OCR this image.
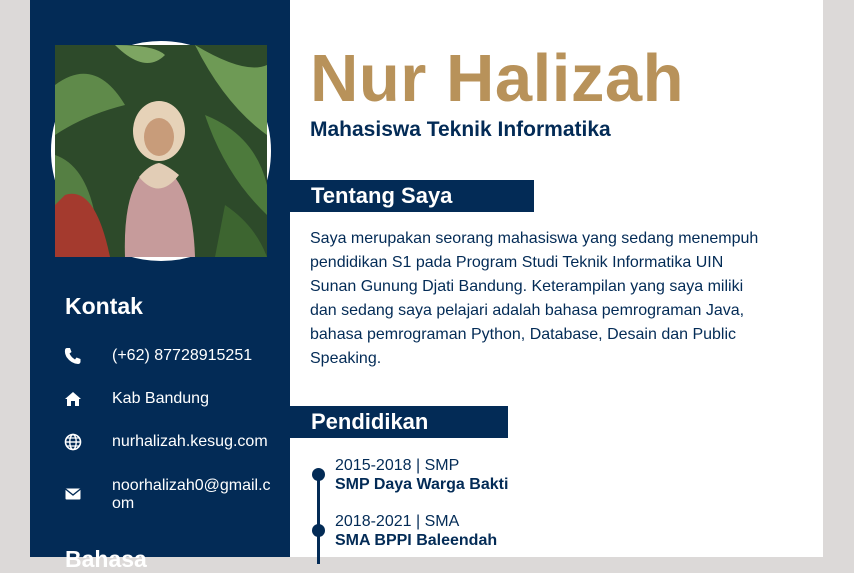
Kontak
(+62) 87728915251
Kab Bandung
nurhalizah.kesug.com
noorhalizah0@gmail.com
Bahasa
Nur Halizah
Mahasiswa Teknik Informatika
Tentang Saya
Saya merupakan seorang mahasiswa yang sedang menempuh pendidikan S1 pada Program Studi Teknik Informatika UIN Sunan Gunung Djati Bandung. Keterampilan yang saya miliki dan sedang saya pelajari adalah bahasa pemrograman Java, bahasa pemrograman Python, Database, Desain dan Public Speaking.
Pendidikan
2015-2018 | SMP
SMP Daya Warga Bakti
2018-2021 | SMA
SMA BPPI Baleendah
